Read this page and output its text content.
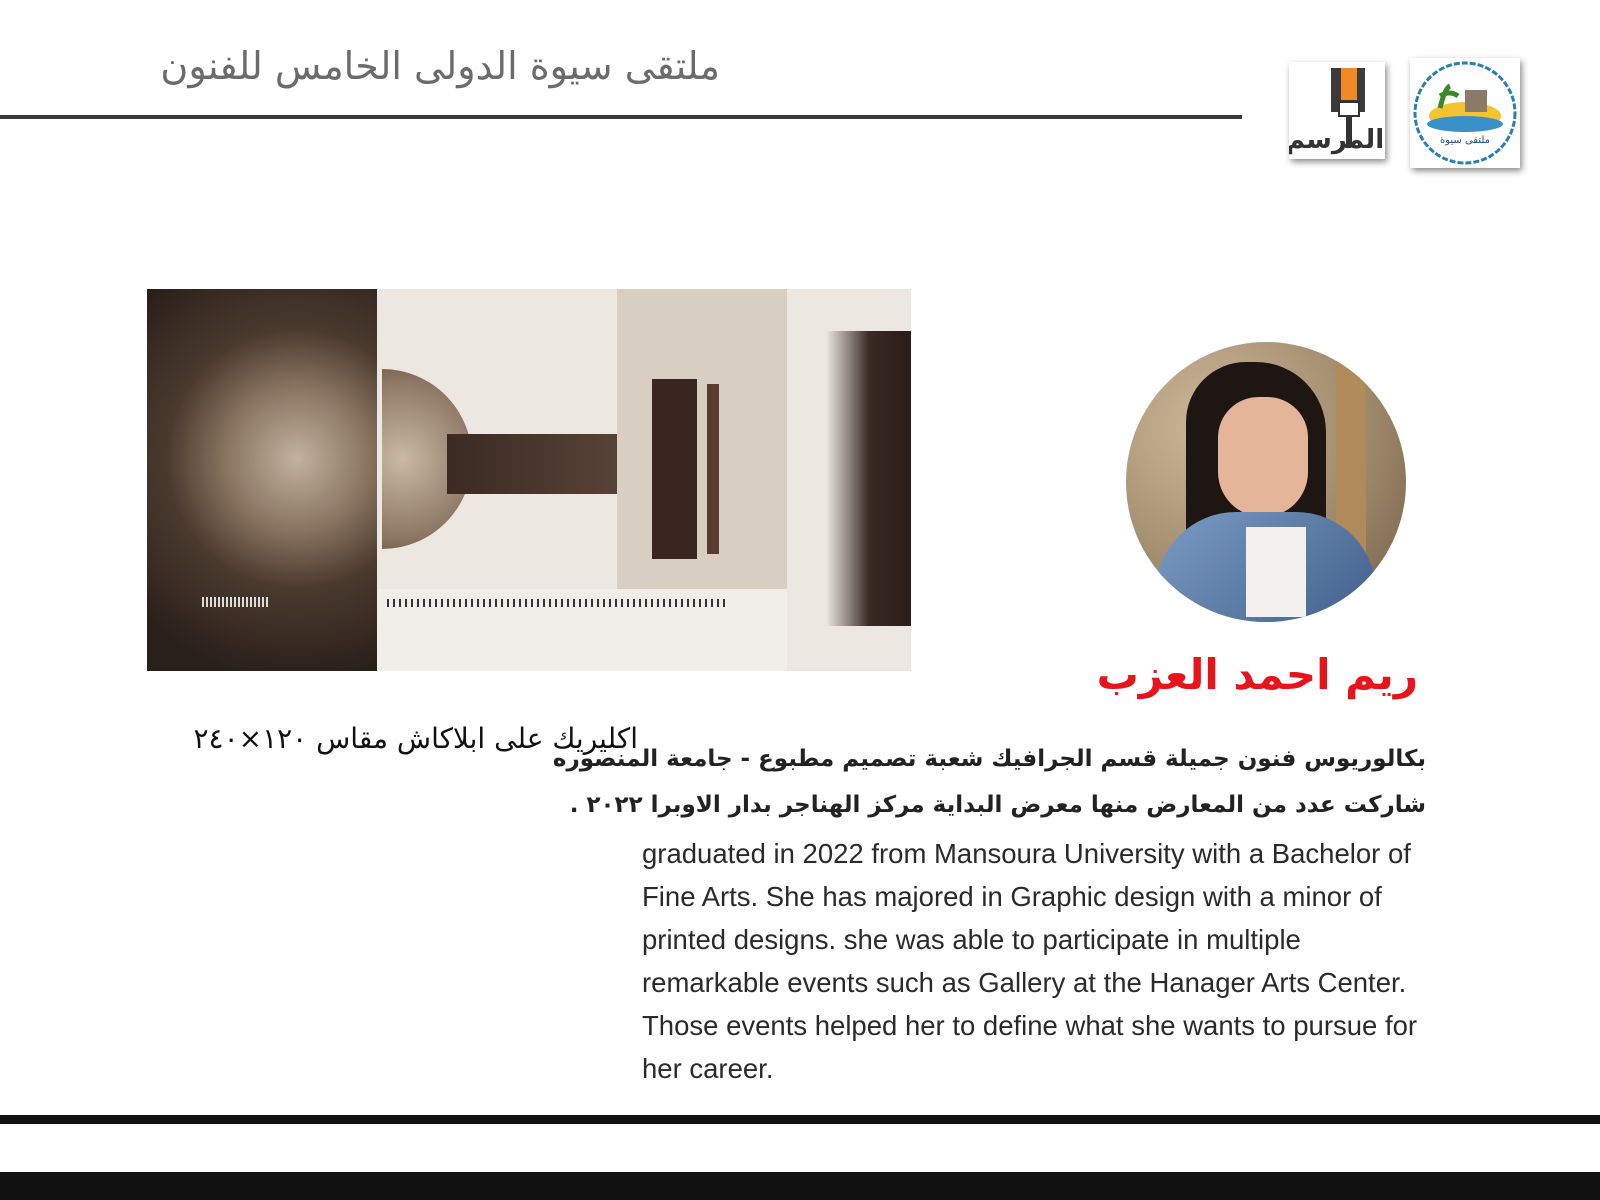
ملتقى سيوة الدولى الخامس للفنون
المرسم	ملتقى سيوة
ريم احمد العزب
اكليريك على ابلاكاش مقاس ١٢٠×٢٤٠
بكالوريوس فنون جميلة قسم الجرافيك شعبة تصميم مطبوع - جامعة المنصوره
شاركت عدد من المعارض منها معرض البداية مركز الهناجر بدار الاوبرا ٢٠٢٢ .
graduated in 2022 from Mansoura University with a Bachelor of Fine Arts. She has majored in Graphic design with a minor of printed designs. she was able to participate in multiple remarkable events such as Gallery at the Hanager Arts Center. Those events helped her to define what she wants to pursue for her career.
